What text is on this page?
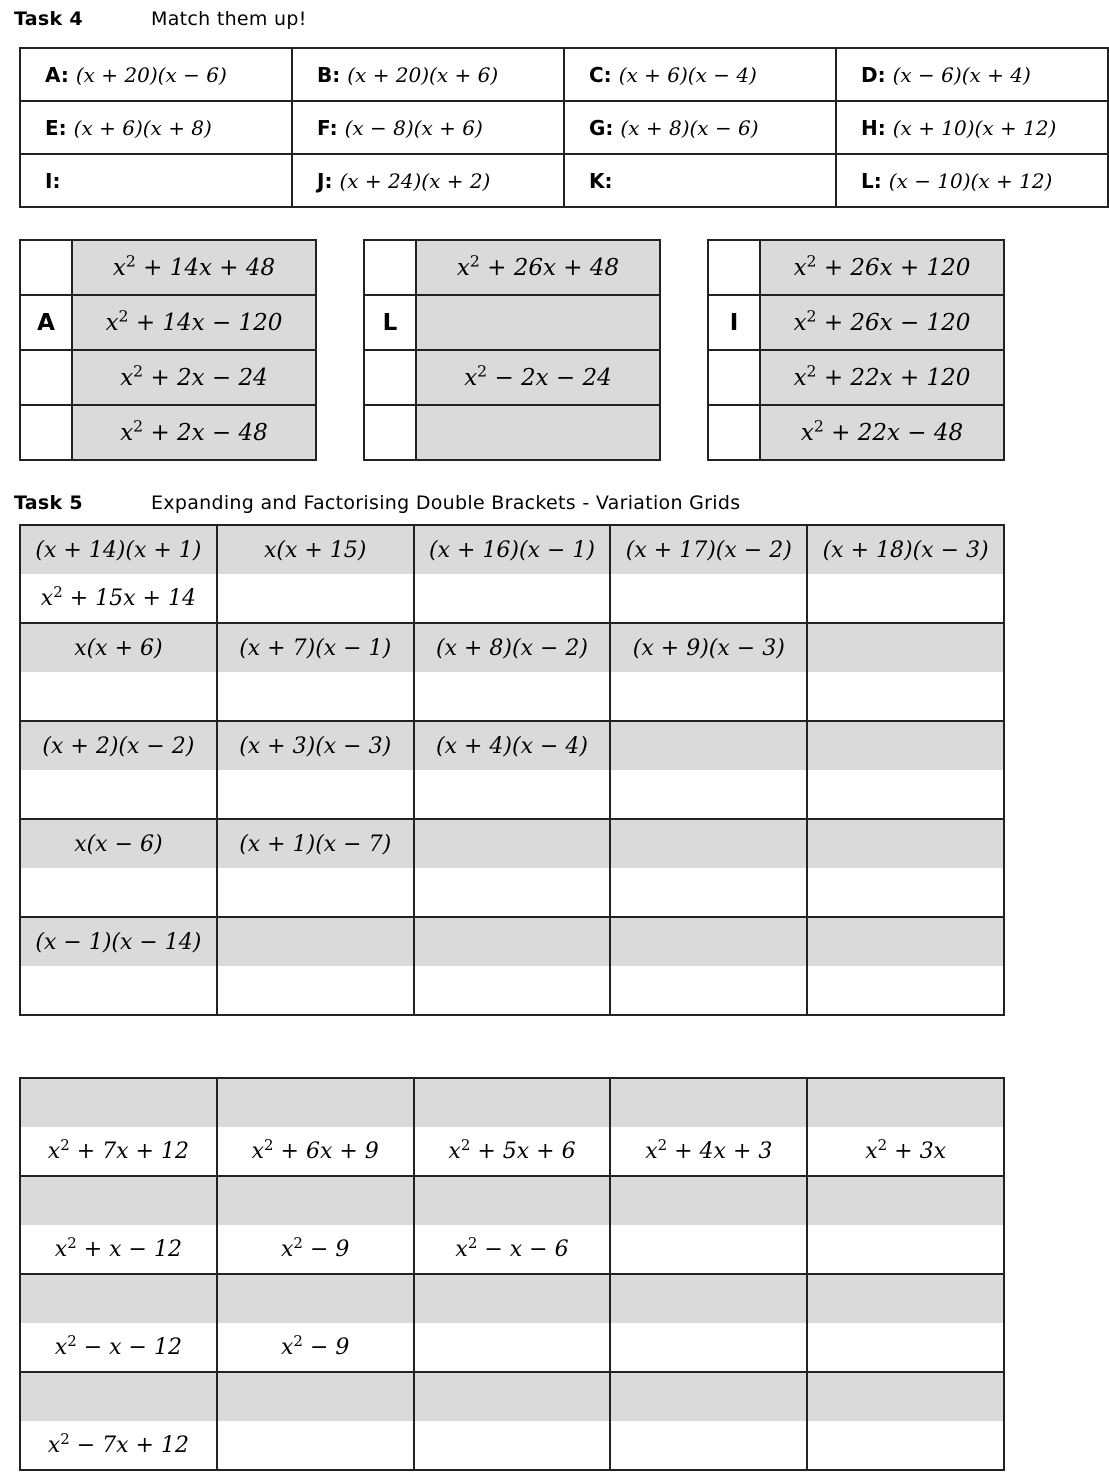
Task 4	Match them up!
A: (x + 20)(x − 6)	B: (x + 20)(x + 6)	C: (x + 6)(x − 4)	D: (x − 6)(x + 4)
E: (x + 6)(x + 8)	F: (x − 8)(x + 6)	G: (x + 8)(x − 6)	H: (x + 10)(x + 12)
I:	J: (x + 24)(x + 2)	K:	L: (x − 10)(x + 12)
	$x^2 + 14x + 48$
A	$x^2 + 14x - 120$
	$x^2 + 2x - 24$
	$x^2 + 2x - 48$
	$x^2 + 26x + 48$
L	
	$x^2 - 2x - 24$

	$x^2 + 26x + 120$
I	$x^2 + 26x - 120$
	$x^2 + 22x + 120$
	$x^2 + 22x - 48$
Task 5	Expanding and Factorising Double Brackets - Variation Grids
(x + 14)(x + 1)	x(x + 15)	(x + 16)(x − 1)	(x + 17)(x − 2)	(x + 18)(x − 3)
$x^2 + 15x + 14$				
x(x + 6)	(x + 7)(x − 1)	(x + 8)(x − 2)	(x + 9)(x − 3)	

(x + 2)(x − 2)	(x + 3)(x − 3)	(x + 4)(x − 4)		

x(x − 6)	(x + 1)(x − 7)			

(x − 1)(x − 14)				

$x^2 + 7x + 12$	$x^2 + 6x + 9$	$x^2 + 5x + 6$	$x^2 + 4x + 3$	$x^2 + 3x$

$x^2 + x - 12$	$x^2 - 9$	$x^2 - x - 6$		

$x^2 - x - 12$	$x^2 - 9$			

$x^2 - 7x + 12$				
